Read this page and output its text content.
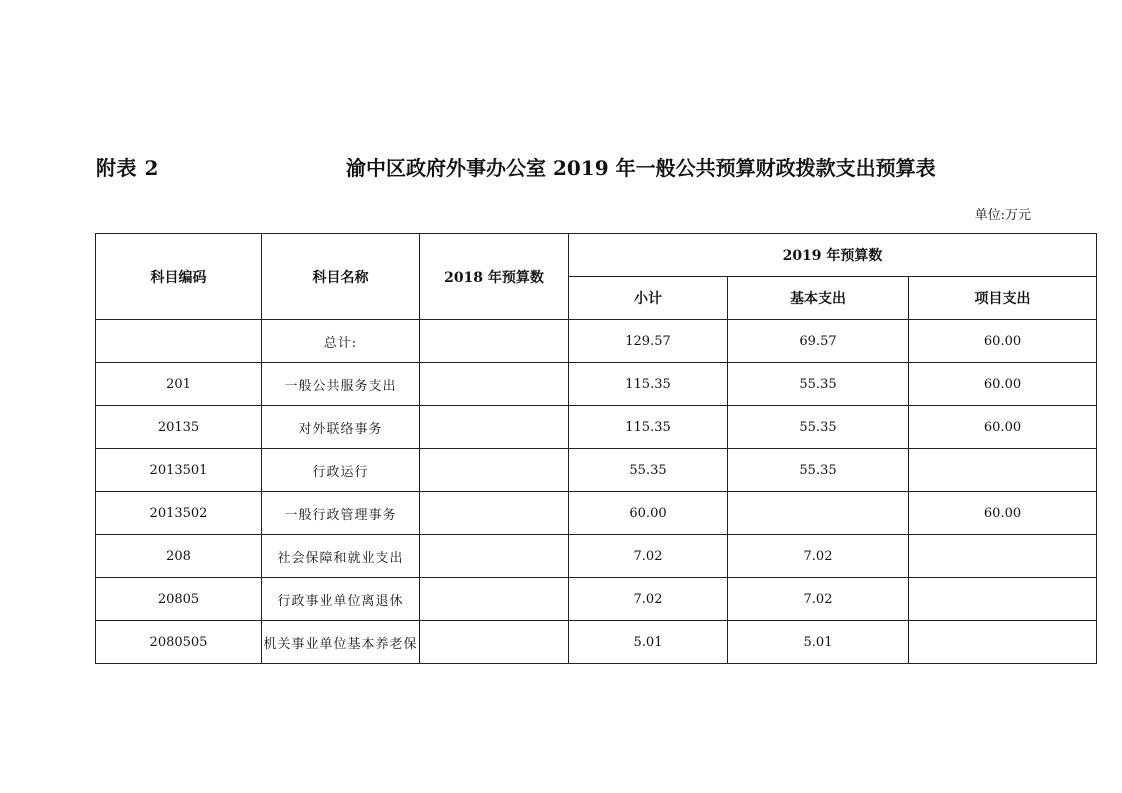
附表 2	渝中区政府外事办公室 2019 年一般公共预算财政拨款支出预算表
单位:万元
科目编码	科目名称	2018 年预算数	2019 年预算数		
			小计	基本支出	项目支出
	总计:		129.57	69.57	60.00
201	一般公共服务支出		115.35	55.35	60.00
20135	对外联络事务		115.35	55.35	60.00
2013501	行政运行		55.35	55.35	
2013502	一般行政管理事务		60.00		60.00
208	社会保障和就业支出		7.02	7.02	
20805	行政事业单位离退休		7.02	7.02	
2080505	机关事业单位基本养老保		5.01	5.01	
